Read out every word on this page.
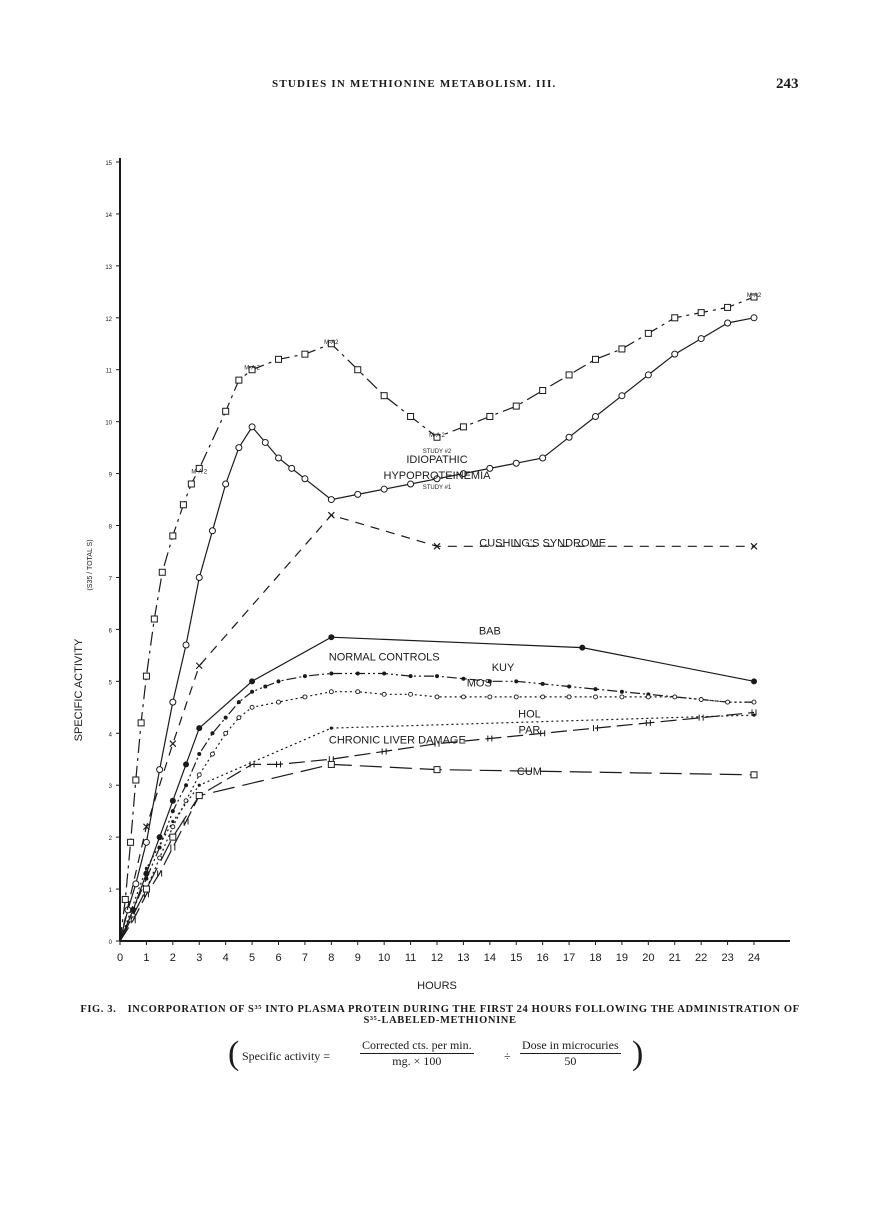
STUDIES IN METHIONINE METABOLISM. III.	243
0 1 2 3 4 5 6 7 8 9 10 11 12 13 14 15 16 17 18 19 20 21 22 23 24
0
1
2
3
4
5
6
7
8
9
10
11
12
13
14
15
HOURS
SPECIFIC ACTIVITY
(S35 / TOTAL S)
M-A 2
M-A 2
M-A2
M-A 2
STUDY #2
IDIOPATHIC
HYPOPROTEINEMIA
STUDY #1
M-A2
CUSHING'S SYNDROME
NORMAL CONTROLS
BAB
KUY
MOS
CHRONIC LIVER DAMAGE
HOL
PAR
CUM
FIG. 3. INCORPORATION OF S³⁵ INTO PLASMA PROTEIN DURING THE FIRST 24 HOURS FOLLOWING THE ADMINISTRATION OF S³⁵-LABELED-METHIONINE
( Specific activity =
Corrected cts. per min.
mg. × 100	÷
Dose in microcuries
50	)
